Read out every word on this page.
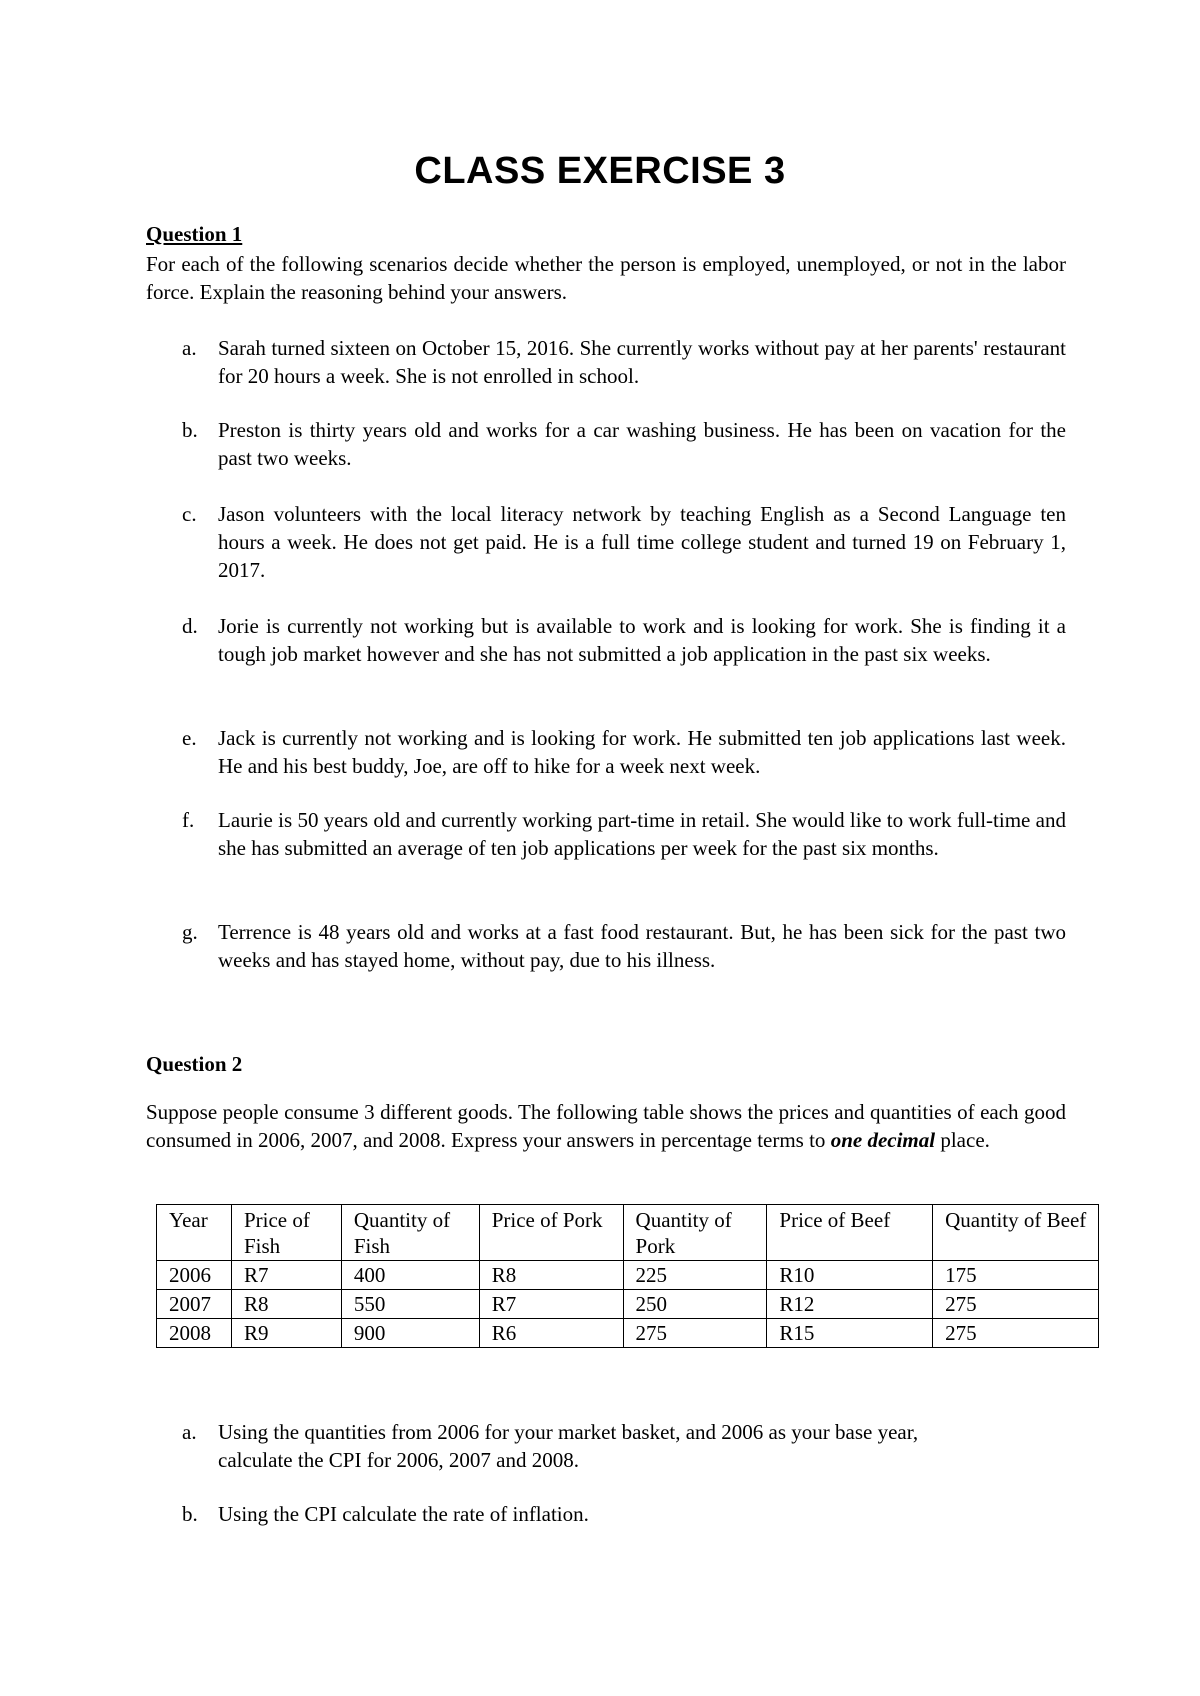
CLASS EXERCISE 3
Question 1
For each of the following scenarios decide whether the person is employed, unemployed, or not in the labor force. Explain the reasoning behind your answers.
a.	Sarah turned sixteen on October 15, 2016. She currently works without pay at her parents' restaurant for 20 hours a week. She is not enrolled in school.
b. Preston is thirty years old and works for a car washing business. He has been on vacation for the past two weeks.
c.	Jason volunteers with the local literacy network by teaching English as a Second Language ten hours a week. He does not get paid. He is a full time college student and turned 19 on February 1, 2017.
d. Jorie is currently not working but is available to work and is looking for work. She is finding it a tough job market however and she has not submitted a job application in the past six weeks.
e.	Jack is currently not working and is looking for work. He submitted ten job applications last week. He and his best buddy, Joe, are off to hike for a week next week.
f.	Laurie is 50 years old and currently working part-time in retail. She would like to work full-time and she has submitted an average of ten job applications per week for the past six months.
g. Terrence is 48 years old and works at a fast food restaurant. But, he has been sick for the past two weeks and has stayed home, without pay, due to his illness.
Question 2
Suppose people consume 3 different goods. The following table shows the prices and quantities of each good consumed in 2006, 2007, and 2008. Express your answers in percentage terms to one decimal place.
Year	Price of Fish	Quantity of Fish	Price of Pork	Quantity of Pork	Price of Beef	Quantity of Beef
2006	R7	400	R8	225	R10	175
2007	R8	550	R7	250	R12	275
2008	R9	900	R6	275	R15	275
a.	Using the quantities from 2006 for your market basket, and 2006 as your base year, calculate the CPI for 2006, 2007 and 2008.
b. Using the CPI calculate the rate of inflation.
